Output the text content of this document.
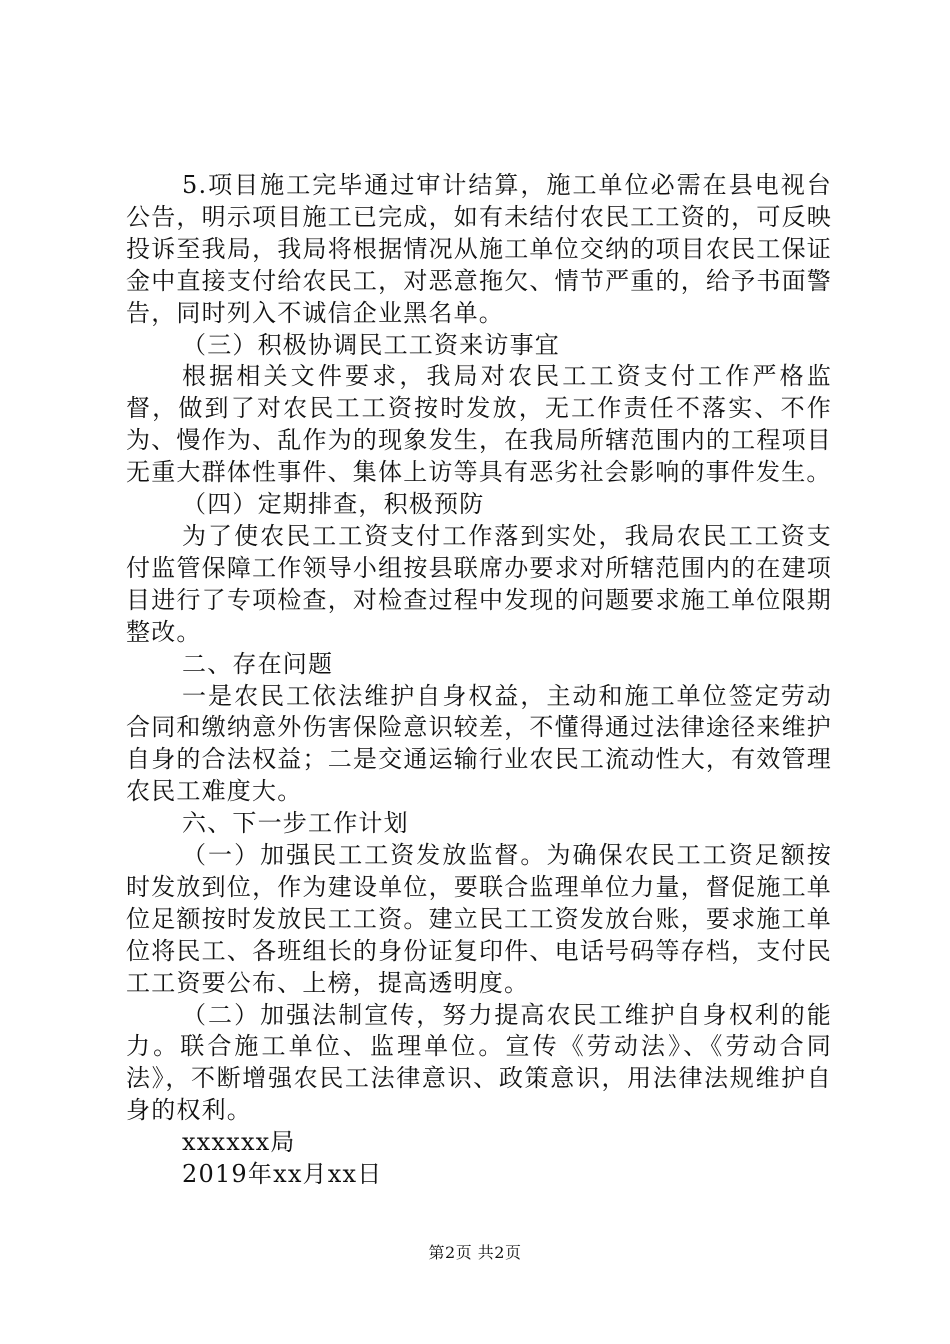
5.项目施工完毕通过审计结算，施工单位必需在县电视台公告，明示项目施工已完成，如有未结付农民工工资的，可反映投诉至我局，我局将根据情况从施工单位交纳的项目农民工保证金中直接支付给农民工，对恶意拖欠、情节严重的，给予书面警告，同时列入不诚信企业黑名单。

（三）积极协调民工工资来访事宜

根据相关文件要求，我局对农民工工资支付工作严格监督，做到了对农民工工资按时发放，无工作责任不落实、不作为、慢作为、乱作为的现象发生，在我局所辖范围内的工程项目无重大群体性事件、集体上访等具有恶劣社会影响的事件发生。

（四）定期排查，积极预防

为了使农民工工资支付工作落到实处，我局农民工工资支付监管保障工作领导小组按县联席办要求对所辖范围内的在建项目进行了专项检查，对检查过程中发现的问题要求施工单位限期整改。

二、存在问题

一是农民工依法维护自身权益，主动和施工单位签定劳动合同和缴纳意外伤害保险意识较差，不懂得通过法律途径来维护自身的合法权益；二是交通运输行业农民工流动性大，有效管理农民工难度大。

六、下一步工作计划

（一）加强民工工资发放监督。为确保农民工工资足额按时发放到位，作为建设单位，要联合监理单位力量，督促施工单位足额按时发放民工工资。建立民工工资发放台账，要求施工单位将民工、各班组长的身份证复印件、电话号码等存档，支付民工工资要公布、上榜，提高透明度。

（二）加强法制宣传，努力提高农民工维护自身权利的能力。联合施工单位、监理单位。宣传《劳动法》、《劳动合同法》，不断增强农民工法律意识、政策意识，用法律法规维护自身的权利。

xxxxxx局

2019年xx月xx日

第2页 共2页
